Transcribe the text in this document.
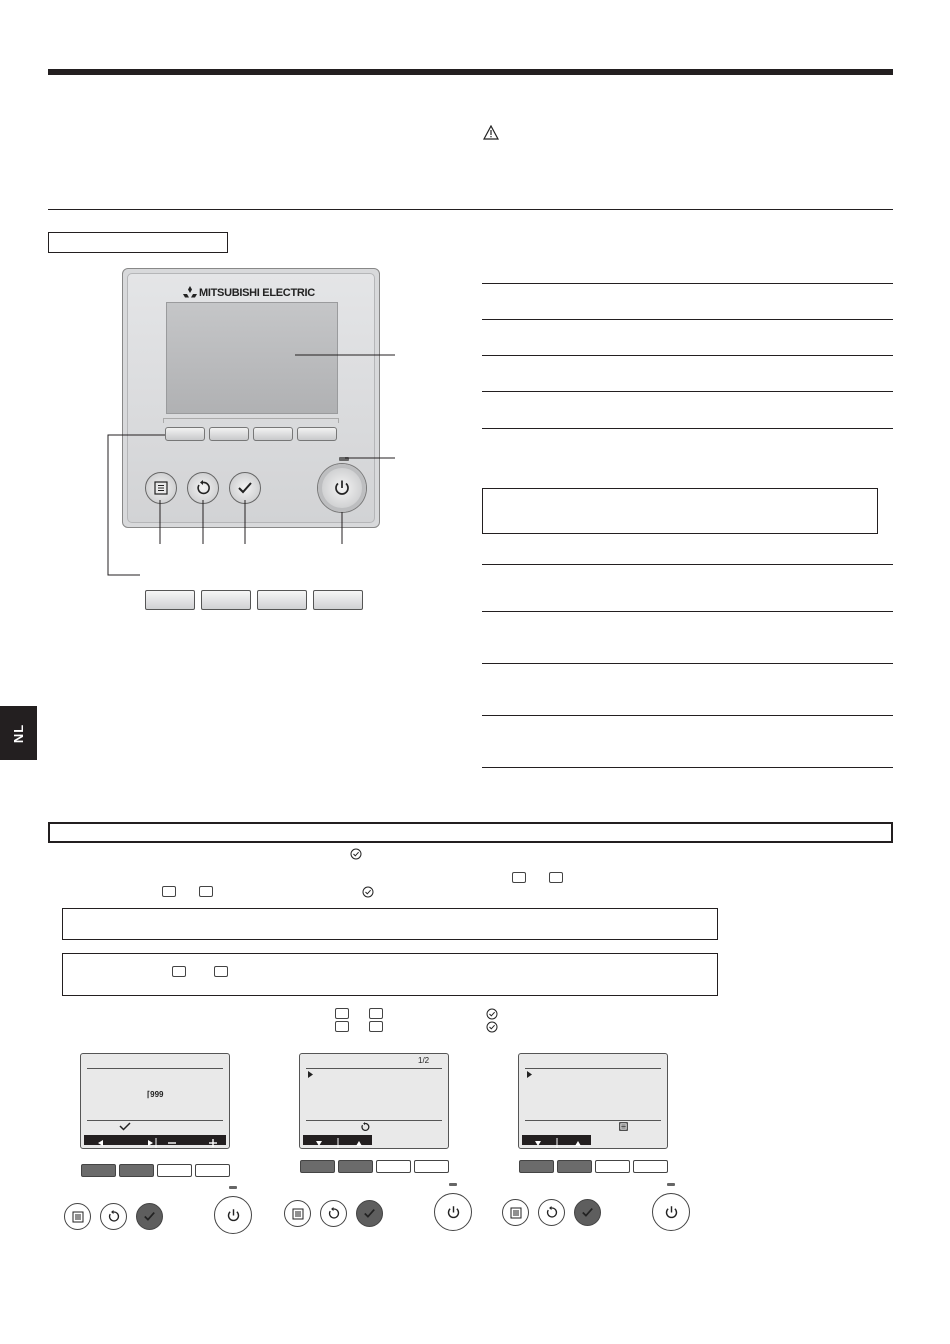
MITSUBISHI ELECTRIC
NL
⌈999
1/2
